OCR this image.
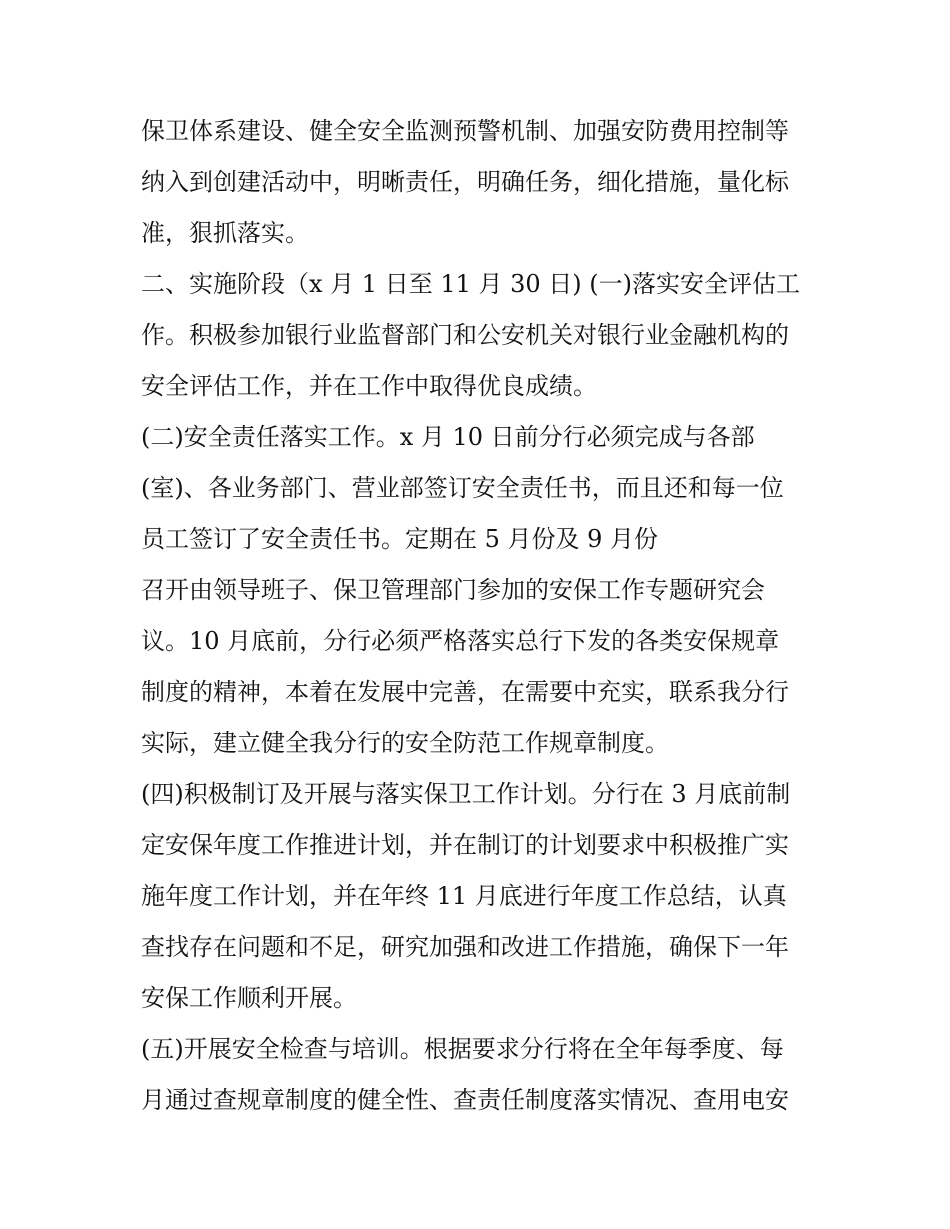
保卫体系建设、健全安全监测预警机制、加强安防费用控制等
纳入到创建活动中，明晰责任，明确任务，细化措施，量化标
准，狠抓落实。
二、实施阶段（x 月 1 日至 11 月 30 日) (一)落实安全评估工
作。积极参加银行业监督部门和公安机关对银行业金融机构的
安全评估工作，并在工作中取得优良成绩。
(二)安全责任落实工作。x 月 10 日前分行必须完成与各部
(室)、各业务部门、营业部签订安全责任书，而且还和每一位
员工签订了安全责任书。定期在 5 月份及 9 月份
召开由领导班子、保卫管理部门参加的安保工作专题研究会
议。10 月底前，分行必须严格落实总行下发的各类安保规章
制度的精神，本着在发展中完善，在需要中充实，联系我分行
实际，建立健全我分行的安全防范工作规章制度。
(四)积极制订及开展与落实保卫工作计划。分行在 3 月底前制
定安保年度工作推进计划，并在制订的计划要求中积极推广实
施年度工作计划，并在年终 11 月底进行年度工作总结，认真
查找存在问题和不足，研究加强和改进工作措施，确保下一年
安保工作顺利开展。
(五)开展安全检查与培训。根据要求分行将在全年每季度、每
月通过查规章制度的健全性、查责任制度落实情况、查用电安
